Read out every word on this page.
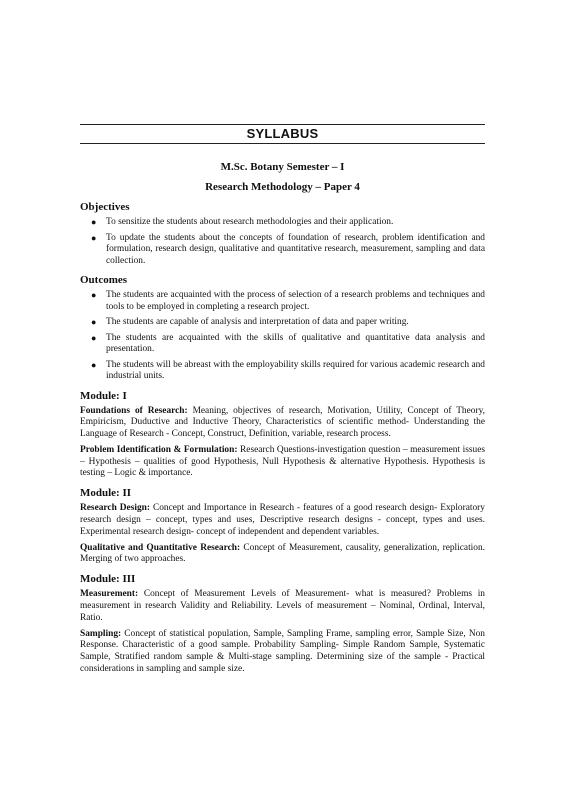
SYLLABUS
M.Sc. Botany Semester – I
Research Methodology – Paper 4
Objectives
● To sensitize the students about research methodologies and their application.
● To update the students about the concepts of foundation of research, problem identification and formulation, research design, qualitative and quantitative research, measurement, sampling and data collection.
Outcomes
● The students are acquainted with the process of selection of a research problems and techniques and tools to be employed in completing a research project.
● The students are capable of analysis and interpretation of data and paper writing.
● The students are acquainted with the skills of qualitative and quantitative data analysis and presentation.
● The students will be abreast with the employability skills required for various academic research and industrial units.
Module: I

Foundations of Research: Meaning, objectives of research, Motivation, Utility, Concept of Theory, Empiricism, Duductive and Inductive Theory, Characteristics of scientific method- Understanding the Language of Research - Concept, Construct, Definition, variable, research process.

Problem Identification & Formulation: Research Questions-investigation question – measurement issues – Hypothesis – qualities of good Hypothesis, Null Hypothesis & alternative Hypothesis. Hypothesis is testing – Logic & importance.

Module: II

Research Design: Concept and Importance in Research - features of a good research design- Exploratory research design – concept, types and uses, Descriptive research designs - concept, types and uses. Experimental research design- concept of independent and dependent variables.

Qualitative and Quantitative Research: Concept of Measurement, causality, generalization, replication. Merging of two approaches.

Module: III

Measurement: Concept of Measurement Levels of Measurement- what is measured? Problems in measurement in research Validity and Reliability. Levels of measurement – Nominal, Ordinal, Interval, Ratio.

Sampling: Concept of statistical population, Sample, Sampling Frame, sampling error, Sample Size, Non Response. Characteristic of a good sample. Probability Sampling- Simple Random Sample, Systematic Sample, Stratified random sample & Multi-stage sampling. Determining size of the sample - Practical considerations in sampling and sample size.
